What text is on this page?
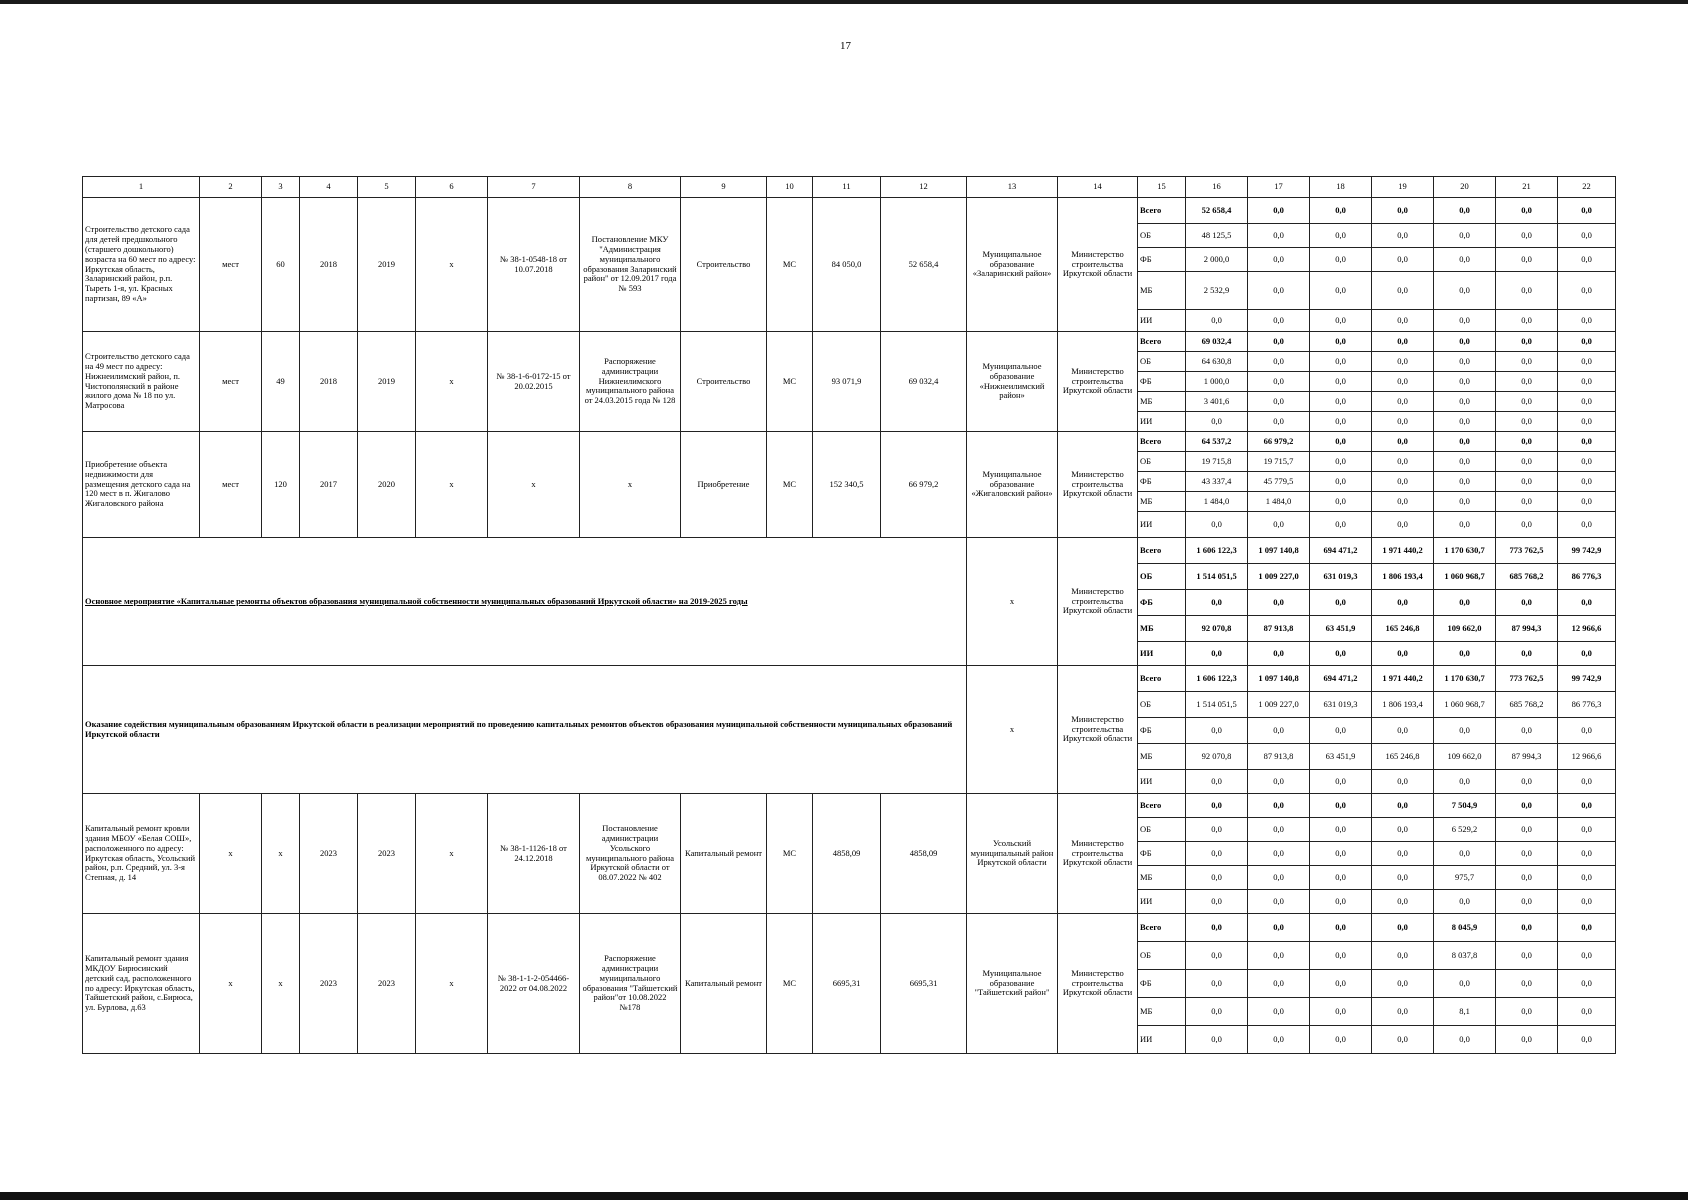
17
1	2	3	4	5	6	7	8	9	10	11	12	13	14	15	16	17	18	19	20	21	22
Строительство детского сада для детей предшкольного (старшего дошкольного) возраста на 60 мест по адресу: Иркутская область, Заларинский район, р.п. Тыреть 1-я, ул. Красных партизан, 89 «А»	мест	60	2018	2019	х	№ 38-1-0548-18 от 10.07.2018	Постановление МКУ "Администрация муниципального образования Заларинский район" от 12.09.2017 года № 593	Строительство	МС	84 050,0	52 658,4	Муниципальное образование «Заларинский район»	Министерство строительства Иркутской области	Всего	52 658,4	0,0	0,0	0,0	0,0	0,0	0,0
														ОБ	48 125,5	0,0	0,0	0,0	0,0	0,0	0,0
														ФБ	2 000,0	0,0	0,0	0,0	0,0	0,0	0,0
														МБ	2 532,9	0,0	0,0	0,0	0,0	0,0	0,0
														ИИ	0,0	0,0	0,0	0,0	0,0	0,0	0,0
Строительство детского сада на 49 мест по адресу: Нижнеилимский район, п. Чистополянский в районе жилого дома № 18 по ул. Матросова	мест	49	2018	2019	х	№ 38-1-6-0172-15 от 20.02.2015	Распоряжение администрации Нижнеилимского муниципального района от 24.03.2015 года № 128	Строительство	МС	93 071,9	69 032,4	Муниципальное образование «Нижнеилимский район»	Министерство строительства Иркутской области	Всего	69 032,4	0,0	0,0	0,0	0,0	0,0	0,0
														ОБ	64 630,8	0,0	0,0	0,0	0,0	0,0	0,0
														ФБ	1 000,0	0,0	0,0	0,0	0,0	0,0	0,0
														МБ	3 401,6	0,0	0,0	0,0	0,0	0,0	0,0
														ИИ	0,0	0,0	0,0	0,0	0,0	0,0	0,0
Приобретение объекта недвижимости для размещения детского сада на 120 мест в п. Жигалово Жигаловского района	мест	120	2017	2020	х	х	х	Приобретение	МС	152 340,5	66 979,2	Муниципальное образование «Жигаловский район»	Министерство строительства Иркутской области	Всего	64 537,2	66 979,2	0,0	0,0	0,0	0,0	0,0
														ОБ	19 715,8	19 715,7	0,0	0,0	0,0	0,0	0,0
														ФБ	43 337,4	45 779,5	0,0	0,0	0,0	0,0	0,0
														МБ	1 484,0	1 484,0	0,0	0,0	0,0	0,0	0,0
														ИИ	0,0	0,0	0,0	0,0	0,0	0,0	0,0
Основное мероприятие «Капитальные ремонты объектов образования муниципальной собственности муниципальных образований Иркутской области» на 2019-2025 годы												х	Министерство строительства Иркутской области	Всего	1 606 122,3	1 097 140,8	694 471,2	1 971 440,2	1 170 630,7	773 762,5	99 742,9
														ОБ	1 514 051,5	1 009 227,0	631 019,3	1 806 193,4	1 060 968,7	685 768,2	86 776,3
														ФБ	0,0	0,0	0,0	0,0	0,0	0,0	0,0
														МБ	92 070,8	87 913,8	63 451,9	165 246,8	109 662,0	87 994,3	12 966,6
														ИИ	0,0	0,0	0,0	0,0	0,0	0,0	0,0
Оказание содействия муниципальным образованиям Иркутской области в реализации мероприятий по проведению капитальных ремонтов объектов образования муниципальной собственности муниципальных образований Иркутской области												х	Министерство строительства Иркутской области	Всего	1 606 122,3	1 097 140,8	694 471,2	1 971 440,2	1 170 630,7	773 762,5	99 742,9
														ОБ	1 514 051,5	1 009 227,0	631 019,3	1 806 193,4	1 060 968,7	685 768,2	86 776,3
														ФБ	0,0	0,0	0,0	0,0	0,0	0,0	0,0
														МБ	92 070,8	87 913,8	63 451,9	165 246,8	109 662,0	87 994,3	12 966,6
														ИИ	0,0	0,0	0,0	0,0	0,0	0,0	0,0
Капитальный ремонт кровли здания МБОУ «Белая СОШ», расположенного по адресу: Иркутская область, Усольский район, р.п. Средний, ул. 3-я Степная, д. 14	х	х	2023	2023	х	№ 38-1-1126-18 от 24.12.2018	Постановление администрации Усольского муниципального района Иркутской области от 08.07.2022 № 402	Капитальный ремонт	МС	4858,09	4858,09	Усольский муниципальный район Иркутской области	Министерство строительства Иркутской области	Всего	0,0	0,0	0,0	0,0	7 504,9	0,0	0,0
														ОБ	0,0	0,0	0,0	0,0	6 529,2	0,0	0,0
														ФБ	0,0	0,0	0,0	0,0	0,0	0,0	0,0
														МБ	0,0	0,0	0,0	0,0	975,7	0,0	0,0
														ИИ	0,0	0,0	0,0	0,0	0,0	0,0	0,0
Капитальный ремонт здания МКДОУ Бирюсинский детский сад, расположенного по адресу: Иркутская область, Тайшетский район, с.Бирюса, ул. Бурлова, д.63	х	х	2023	2023	х	№ 38-1-1-2-054466-2022 от 04.08.2022	Распоряжение администрации муниципального образования "Тайшетский район"от 10.08.2022 №178	Капитальный ремонт	МС	6695,31	6695,31	Муниципальное образование "Тайшетский район"	Министерство строительства Иркутской области	Всего	0,0	0,0	0,0	0,0	8 045,9	0,0	0,0
														ОБ	0,0	0,0	0,0	0,0	8 037,8	0,0	0,0
														ФБ	0,0	0,0	0,0	0,0	0,0	0,0	0,0
														МБ	0,0	0,0	0,0	0,0	8,1	0,0	0,0
														ИИ	0,0	0,0	0,0	0,0	0,0	0,0	0,0
